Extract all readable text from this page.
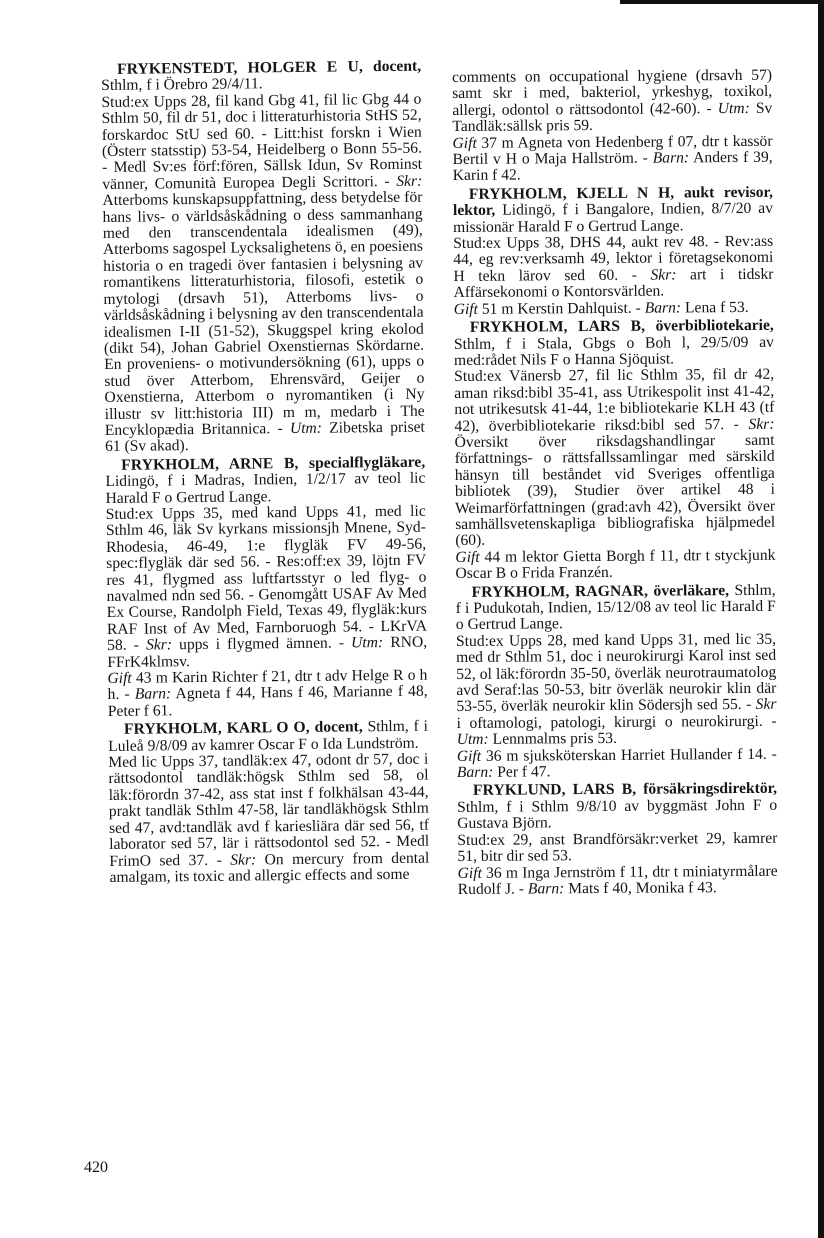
FRYKENSTEDT, HOLGER E U, docent, Sthlm, f i Örebro 29/4/11.
Stud:ex Upps 28, fil kand Gbg 41, fil lic Gbg 44 o Sthlm 50, fil dr 51, doc i litteraturhistoria StHS 52, forskardoc StU sed 60. - Litt:hist forskn i Wien (Österr statsstip) 53-54, Heidelberg o Bonn 55-56. - Medl Sv:es förf:fören, Sällsk Idun, Sv Rominst vänner, Comunità Europea Degli Scrittori. - Skr: Atterboms kunskapsuppfattning, dess betydelse för hans livs- o världsåskådning o dess sammanhang med den transcendentala idealismen (49), Atterboms sagospel Lycksalighetens ö, en poesiens historia o en tragedi över fantasien i belysning av romantikens litteraturhistoria, filosofi, estetik o mytologi (drsavh 51), Atterboms livs- o världsåskådning i belysning av den transcendentala idealismen I-II (51-52), Skuggspel kring ekolod (dikt 54), Johan Gabriel Oxenstiernas Skördarne. En proveniens- o motivundersökning (61), upps o stud över Atterbom, Ehrensvärd, Geijer o Oxenstierna, Atterbom o nyromantiken (i Ny illustr sv litt:historia III) m m, medarb i The Encyklopædia Britannica. - Utm: Zibetska priset 61 (Sv akad).

FRYKHOLM, ARNE B, specialflygläkare, Lidingö, f i Madras, Indien, 1/2/17 av teol lic Harald F o Gertrud Lange.
Stud:ex Upps 35, med kand Upps 41, med lic Sthlm 46, läk Sv kyrkans missionsjh Mnene, Syd-Rhodesia, 46-49, 1:e flygläk FV 49-56, spec:flygläk där sed 56. - Res:off:ex 39, löjtn FV res 41, flygmed ass luftfartsstyr o led flyg- o navalmed ndn sed 56. - Genomgått USAF Av Med Ex Course, Randolph Field, Texas 49, flygläk:kurs RAF Inst of Av Med, Farnboruogh 54. - LKrVA 58. - Skr: upps i flygmed ämnen. - Utm: RNO, FFrK4klmsv.

Gift 43 m Karin Richter f 21, dtr t adv Helge R o h h. - Barn: Agneta f 44, Hans f 46, Marianne f 48, Peter f 61.

FRYKHOLM, KARL O O, docent, Sthlm, f i Luleå 9/8/09 av kamrer Oscar F o Ida Lundström.
Med lic Upps 37, tandläk:ex 47, odont dr 57, doc i rättsodontol tandläk:högsk Sthlm sed 58, ol läk:förordn 37-42, ass stat inst f folkhälsan 43-44, prakt tandläk Sthlm 47-58, lär tandläkhögsk Sthlm sed 47, avd:tandläk avd f kariesliära där sed 56, tf laborator sed 57, lär i rättsodontol sed 52. - Medl FrimO sed 37. - Skr: On mercury from dental amalgam, its toxic and allergic effects and some

comments on occupational hygiene (drsavh 57) samt skr i med, bakteriol, yrkeshyg, toxikol, allergi, odontol o rättsodontol (42-60). - Utm: Sv Tandläk:sällsk pris 59.

Gift 37 m Agneta von Hedenberg f 07, dtr t kassör Bertil v H o Maja Hallström. - Barn: Anders f 39, Karin f 42.

FRYKHOLM, KJELL N H, aukt revisor, lektor, Lidingö, f i Bangalore, Indien, 8/7/20 av missionär Harald F o Gertrud Lange.
Stud:ex Upps 38, DHS 44, aukt rev 48. - Rev:ass 44, eg rev:verksamh 49, lektor i företagsekonomi H tekn lärov sed 60. - Skr: art i tidskr Affärsekonomi o Kontorsvärlden.

Gift 51 m Kerstin Dahlquist. - Barn: Lena f 53.

FRYKHOLM, LARS B, överbibliotekarie, Sthlm, f i Stala, Gbgs o Boh l, 29/5/09 av med:rådet Nils F o Hanna Sjöquist.
Stud:ex Vänersb 27, fil lic Sthlm 35, fil dr 42, aman riksd:bibl 35-41, ass Utrikespolit inst 41-42, not utrikesutsk 41-44, 1:e bibliotekarie KLH 43 (tf 42), överbibliotekarie riksd:bibl sed 57. - Skr: Översikt över riksdagshandlingar samt författnings- o rättsfallssamlingar med särskild hänsyn till beståndet vid Sveriges offentliga bibliotek (39), Studier över artikel 48 i Weimarförfattningen (grad:avh 42), Översikt över samhällsvetenskapliga bibliografiska hjälpmedel (60).

Gift 44 m lektor Gietta Borgh f 11, dtr t styckjunk Oscar B o Frida Franzén.

FRYKHOLM, RAGNAR, överläkare, Sthlm, f i Pudukotah, Indien, 15/12/08 av teol lic Harald F o Gertrud Lange.
Stud:ex Upps 28, med kand Upps 31, med lic 35, med dr Sthlm 51, doc i neurokirurgi Karol inst sed 52, ol läk:förordn 35-50, överläk neurotraumatolog avd Seraf:las 50-53, bitr överläk neurokir klin där 53-55, överläk neurokir klin Södersjh sed 55. - Skr i oftamologi, patologi, kirurgi o neurokirurgi. - Utm: Lennmalms pris 53.

Gift 36 m sjuksköterskan Harriet Hullander f 14. - Barn: Per f 47.

FRYKLUND, LARS B, försäkringsdirektör, Sthlm, f i Sthlm 9/8/10 av byggmäst John F o Gustava Björn.
Stud:ex 29, anst Brandförsäkr:verket 29, kamrer 51, bitr dir sed 53.

Gift 36 m Inga Jernström f 11, dtr t miniatyrmålare Rudolf J. - Barn: Mats f 40, Monika f 43.

420
